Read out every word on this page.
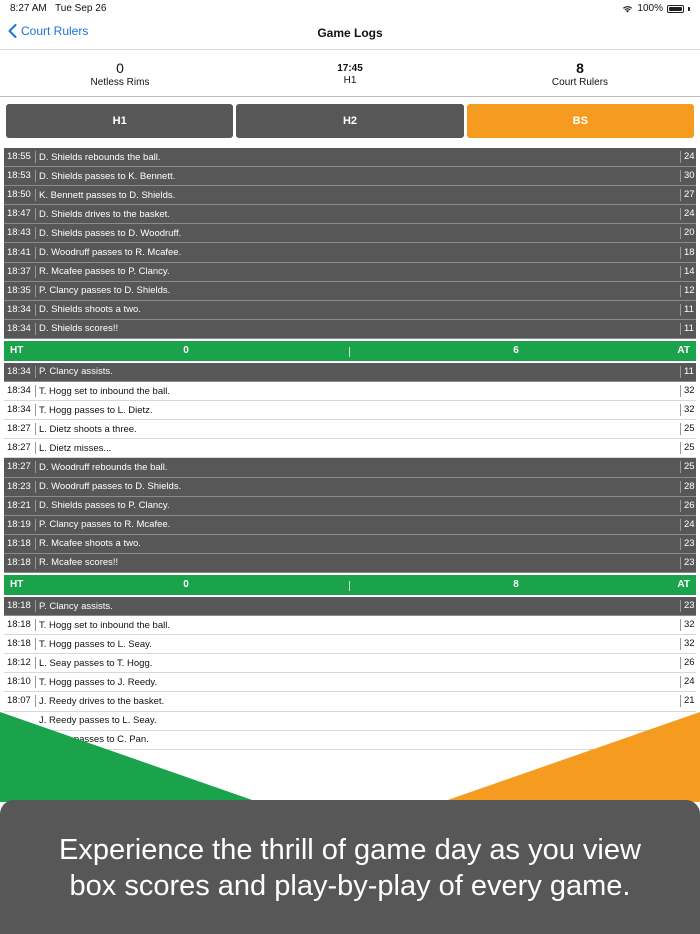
8:27 AM Tue Sep 26	100%
Court Rulers	Game Logs
0
Netless Rims
17:45
H1
8
Court Rulers
H1	H2	BS
18:55 D. Shields rebounds the ball.	24
18:53 D. Shields passes to K. Bennett.	30
18:50 K. Bennett passes to D. Shields.	27
18:47 D. Shields drives to the basket.	24
18:43 D. Shields passes to D. Woodruff.	20
18:41 D. Woodruff passes to R. Mcafee.	18
18:37 R. Mcafee passes to P. Clancy.	14
18:35 P. Clancy passes to D. Shields.	12
18:34 D. Shields shoots a two.	11
18:34 D. Shields scores!!	11
HT	0	6	AT
18:34 P. Clancy assists.	11
18:34 T. Hogg set to inbound the ball.	32
18:34 T. Hogg passes to L. Dietz.	32
18:27 L. Dietz shoots a three.	25
18:27 L. Dietz misses...	25
18:27 D. Woodruff rebounds the ball.	25
18:23 D. Woodruff passes to D. Shields.	28
18:21 D. Shields passes to P. Clancy.	26
18:19 P. Clancy passes to R. Mcafee.	24
18:18 R. Mcafee shoots a two.	23
18:18 R. Mcafee scores!!	23
HT	0	8	AT
18:18 P. Clancy assists.	23
18:18 T. Hogg set to inbound the ball.	32
18:18 T. Hogg passes to L. Seay.	32
18:12 L. Seay passes to T. Hogg.	26
18:10 T. Hogg passes to J. Reedy.	24
18:07 J. Reedy drives to the basket.	21
J. Reedy passes to L. Seay.
L. Seay passes to C. Pan.
Experience the thrill of game day as you view
box scores and play-by-play of every game.
